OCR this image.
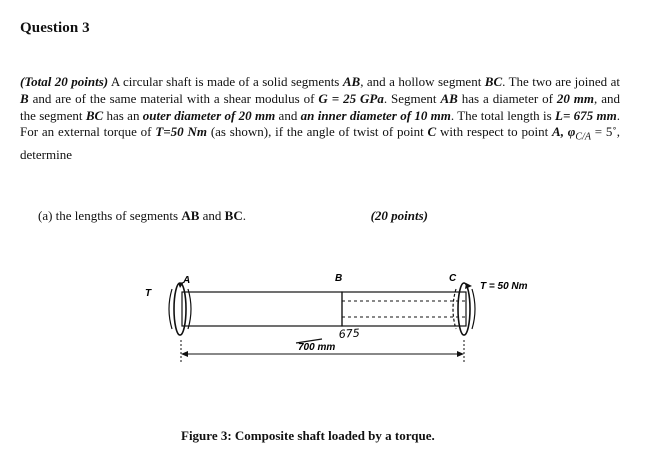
Question 3
(Total 20 points) A circular shaft is made of a solid segments AB, and a hollow segment BC. The two are joined at B and are of the same material with a shear modulus of G = 25 GPa. Segment AB has a diameter of 20 mm, and the segment BC has an outer diameter of 20 mm and an inner diameter of 10 mm. The total length is L= 675 mm. For an external torque of T=50 Nm (as shown), if the angle of twist of point C with respect to point A, $\varphi_{C/A}$ = 5˚, determine
(a) the lengths of segments AB and BC.	(20 points)
T
A	B	C
T = 50 Nm
700 mm
675
Figure 3: Composite shaft loaded by a torque.
